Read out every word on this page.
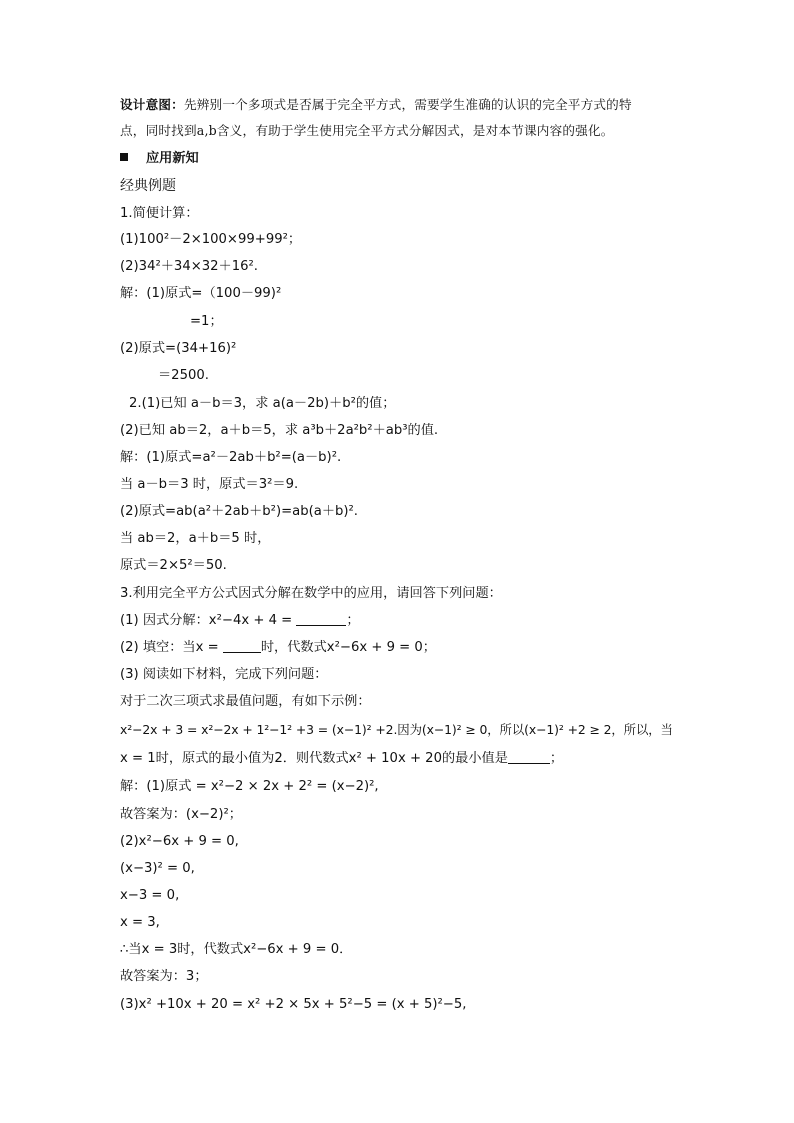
设计意图：先辨别一个多项式是否属于完全平方式，需要学生准确的认识的完全平方式的特
点，同时找到a,b含义，有助于学生使用完全平方式分解因式，是对本节课内容的强化。
应用新知
经典例题
1.简便计算：
(1)100²－2×100×99+99²；
(2)34²＋34×32＋16².
解：(1)原式=（100－99)²
=1；
(2)原式=(34+16)²
＝2500.
2.(1)已知 a－b＝3，求 a(a－2b)＋b²的值；
(2)已知 ab＝2，a＋b＝5，求 a³b＋2a²b²＋ab³的值.
解：(1)原式=a²－2ab＋b²=(a－b)².
当 a－b＝3 时，原式＝3²＝9.
(2)原式=ab(a²＋2ab＋b²)=ab(a＋b)².
当 ab＝2，a＋b＝5 时，
原式＝2×5²＝50.
3.利用完全平方公式因式分解在数学中的应用，请回答下列问题：
(1) 因式分解：x²−4x + 4 =	；
(2) 填空：当x =	时，代数式x²−6x + 9 = 0；
(3) 阅读如下材料，完成下列问题：
对于二次三项式求最值问题，有如下示例：
x²−2x + 3 = x²−2x + 1²−1² +3 = (x−1)² +2.因为(x−1)² ≥ 0，所以(x−1)² +2 ≥ 2，所以，当
x = 1时，原式的最小值为2．则代数式x² + 10x + 20的最小值是	；
解：(1)原式 = x²−2 × 2x + 2² = (x−2)²,
故答案为：(x−2)²；
(2)x²−6x + 9 = 0,
(x−3)² = 0,
x−3 = 0,
x = 3,
∴当x = 3时，代数式x²−6x + 9 = 0．
故答案为：3；
(3)x² +10x + 20 = x² +2 × 5x + 5²−5 = (x + 5)²−5,
